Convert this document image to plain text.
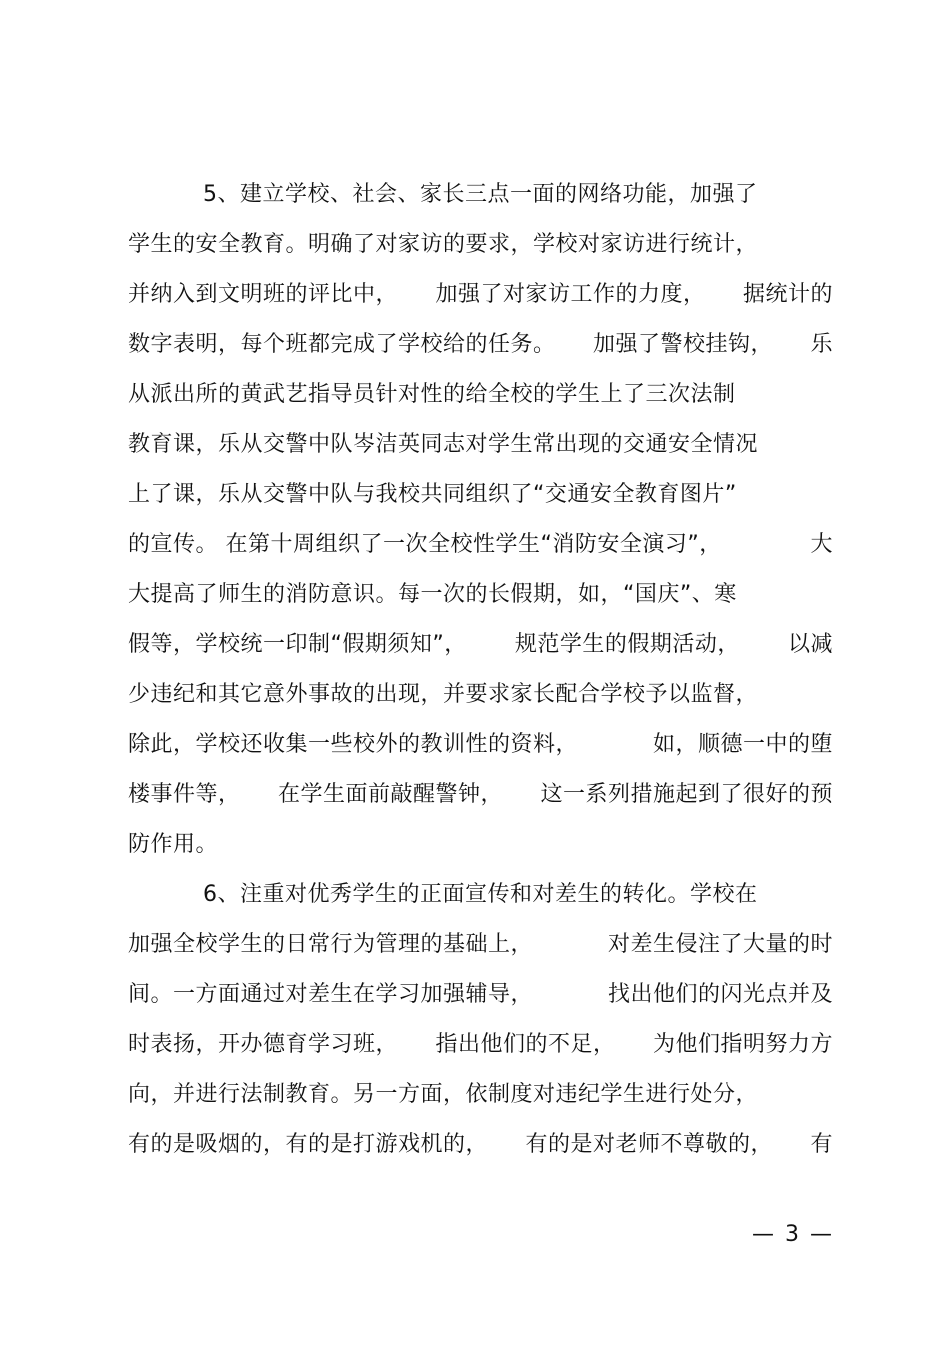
5、建立学校、社会、家长三点一面的网络功能，加强了
学生的安全教育。明确了对家访的要求，学校对家访进行统计，
并纳入到文明班的评比中， 加强了对家访工作的力度， 据统计的
数字表明，每个班都完成了学校给的任务。 加强了警校挂钩， 乐
从派出所的黄武艺指导员针对性的给全校的学生上了三次法制
教育课，乐从交警中队岑洁英同志对学生常出现的交通安全情况
上了课，乐从交警中队与我校共同组织了“交通安全教育图片”
的宣传。 在第十周组织了一次全校性学生“消防安全演习”，	大
大提高了师生的消防意识。每一次的长假期，如，“国庆”、寒
假等，学校统一印制“假期须知”， 规范学生的假期活动， 以减
少违纪和其它意外事故的出现，并要求家长配合学校予以监督，
除此，学校还收集一些校外的教训性的资料，	如，顺德一中的堕
楼事件等， 在学生面前敲醒警钟， 这一系列措施起到了很好的预
防作用。
6、注重对优秀学生的正面宣传和对差生的转化。学校在
加强全校学生的日常行为管理的基础上，	对差生侵注了大量的时
间。一方面通过对差生在学习加强辅导，	找出他们的闪光点并及
时表扬，开办德育学习班， 指出他们的不足， 为他们指明努力方
向，并进行法制教育。另一方面，依制度对违纪学生进行处分，
有的是吸烟的，有的是打游戏机的， 有的是对老师不尊敬的， 有
— 3 —
